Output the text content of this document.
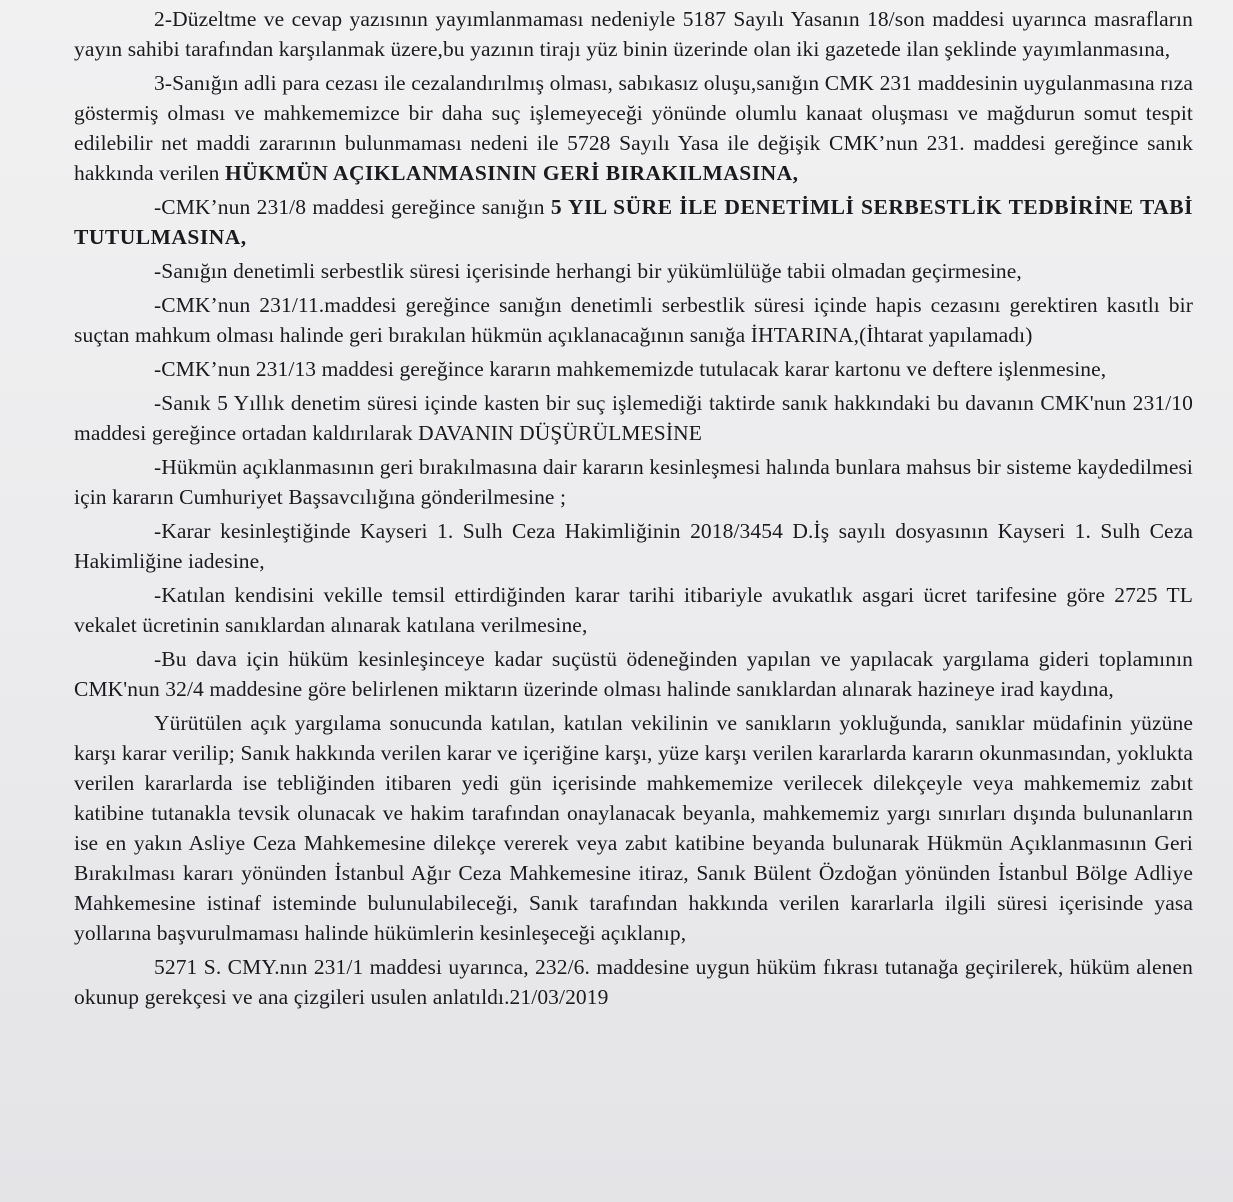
2-Düzeltme ve cevap yazısının yayımlanmaması nedeniyle 5187 Sayılı Yasanın 18/son maddesi uyarınca masrafların yayın sahibi tarafından karşılanmak üzere,bu yazının tirajı yüz binin üzerinde olan iki gazetede ilan şeklinde yayımlanmasına,

3-Sanığın adli para cezası ile cezalandırılmış olması, sabıkasız oluşu,sanığın CMK 231 maddesinin uygulanmasına rıza göstermiş olması ve mahkememizce bir daha suç işlemeyeceği yönünde olumlu kanaat oluşması ve mağdurun somut tespit edilebilir net maddi zararının bulunmaması nedeni ile 5728 Sayılı Yasa ile değişik CMK’nun 231. maddesi gereğince sanık hakkında verilen HÜKMÜN AÇIKLANMASININ GERİ BIRAKILMASINA,

-CMK’nun 231/8 maddesi gereğince sanığın 5 YIL SÜRE İLE DENETİMLİ SERBESTLİK TEDBİRİNE TABİ TUTULMASINA,

-Sanığın denetimli serbestlik süresi içerisinde herhangi bir yükümlülüğe tabii olmadan geçirmesine,

-CMK’nun 231/11.maddesi gereğince sanığın denetimli serbestlik süresi içinde hapis cezasını gerektiren kasıtlı bir suçtan mahkum olması halinde geri bırakılan hükmün açıklanacağının sanığa İHTARINA,(İhtarat yapılamadı)

-CMK’nun 231/13 maddesi gereğince kararın mahkememizde tutulacak karar kartonu ve deftere işlenmesine,

-Sanık 5 Yıllık denetim süresi içinde kasten bir suç işlemediği taktirde sanık hakkındaki bu davanın CMK'nun 231/10 maddesi gereğince ortadan kaldırılarak DAVANIN DÜŞÜRÜLMESİNE

-Hükmün açıklanmasının geri bırakılmasına dair kararın kesinleşmesi halında bunlara mahsus bir sisteme kaydedilmesi için kararın Cumhuriyet Başsavcılığına gönderilmesine ;

-Karar kesinleştiğinde Kayseri 1. Sulh Ceza Hakimliğinin 2018/3454 D.İş sayılı dosyasının Kayseri 1. Sulh Ceza Hakimliğine iadesine,

-Katılan kendisini vekille temsil ettirdiğinden karar tarihi itibariyle avukatlık asgari ücret tarifesine göre 2725 TL vekalet ücretinin sanıklardan alınarak katılana verilmesine,

-Bu dava için hüküm kesinleşinceye kadar suçüstü ödeneğinden yapılan ve yapılacak yargılama gideri toplamının CMK'nun 32/4 maddesine göre belirlenen miktarın üzerinde olması halinde sanıklardan alınarak hazineye irad kaydına,

Yürütülen açık yargılama sonucunda katılan, katılan vekilinin ve sanıkların yokluğunda, sanıklar müdafinin yüzüne karşı karar verilip; Sanık hakkında verilen karar ve içeriğine karşı, yüze karşı verilen kararlarda kararın okunmasından, yoklukta verilen kararlarda ise tebliğinden itibaren yedi gün içerisinde mahkememize verilecek dilekçeyle veya mahkememiz zabıt katibine tutanakla tevsik olunacak ve hakim tarafından onaylanacak beyanla, mahkememiz yargı sınırları dışında bulunanların ise en yakın Asliye Ceza Mahkemesine dilekçe vererek veya zabıt katibine beyanda bulunarak Hükmün Açıklanmasının Geri Bırakılması kararı yönünden İstanbul Ağır Ceza Mahkemesine itiraz, Sanık Bülent Özdoğan yönünden İstanbul Bölge Adliye Mahkemesine istinaf isteminde bulunulabileceği, Sanık tarafından hakkında verilen kararlarla ilgili süresi içerisinde yasa yollarına başvurulmaması halinde hükümlerin kesinleşeceği açıklanıp,

5271 S. CMY.nın 231/1 maddesi uyarınca, 232/6. maddesine uygun hüküm fıkrası tutanağa geçirilerek, hüküm alenen okunup gerekçesi ve ana çizgileri usulen anlatıldı.21/03/2019
